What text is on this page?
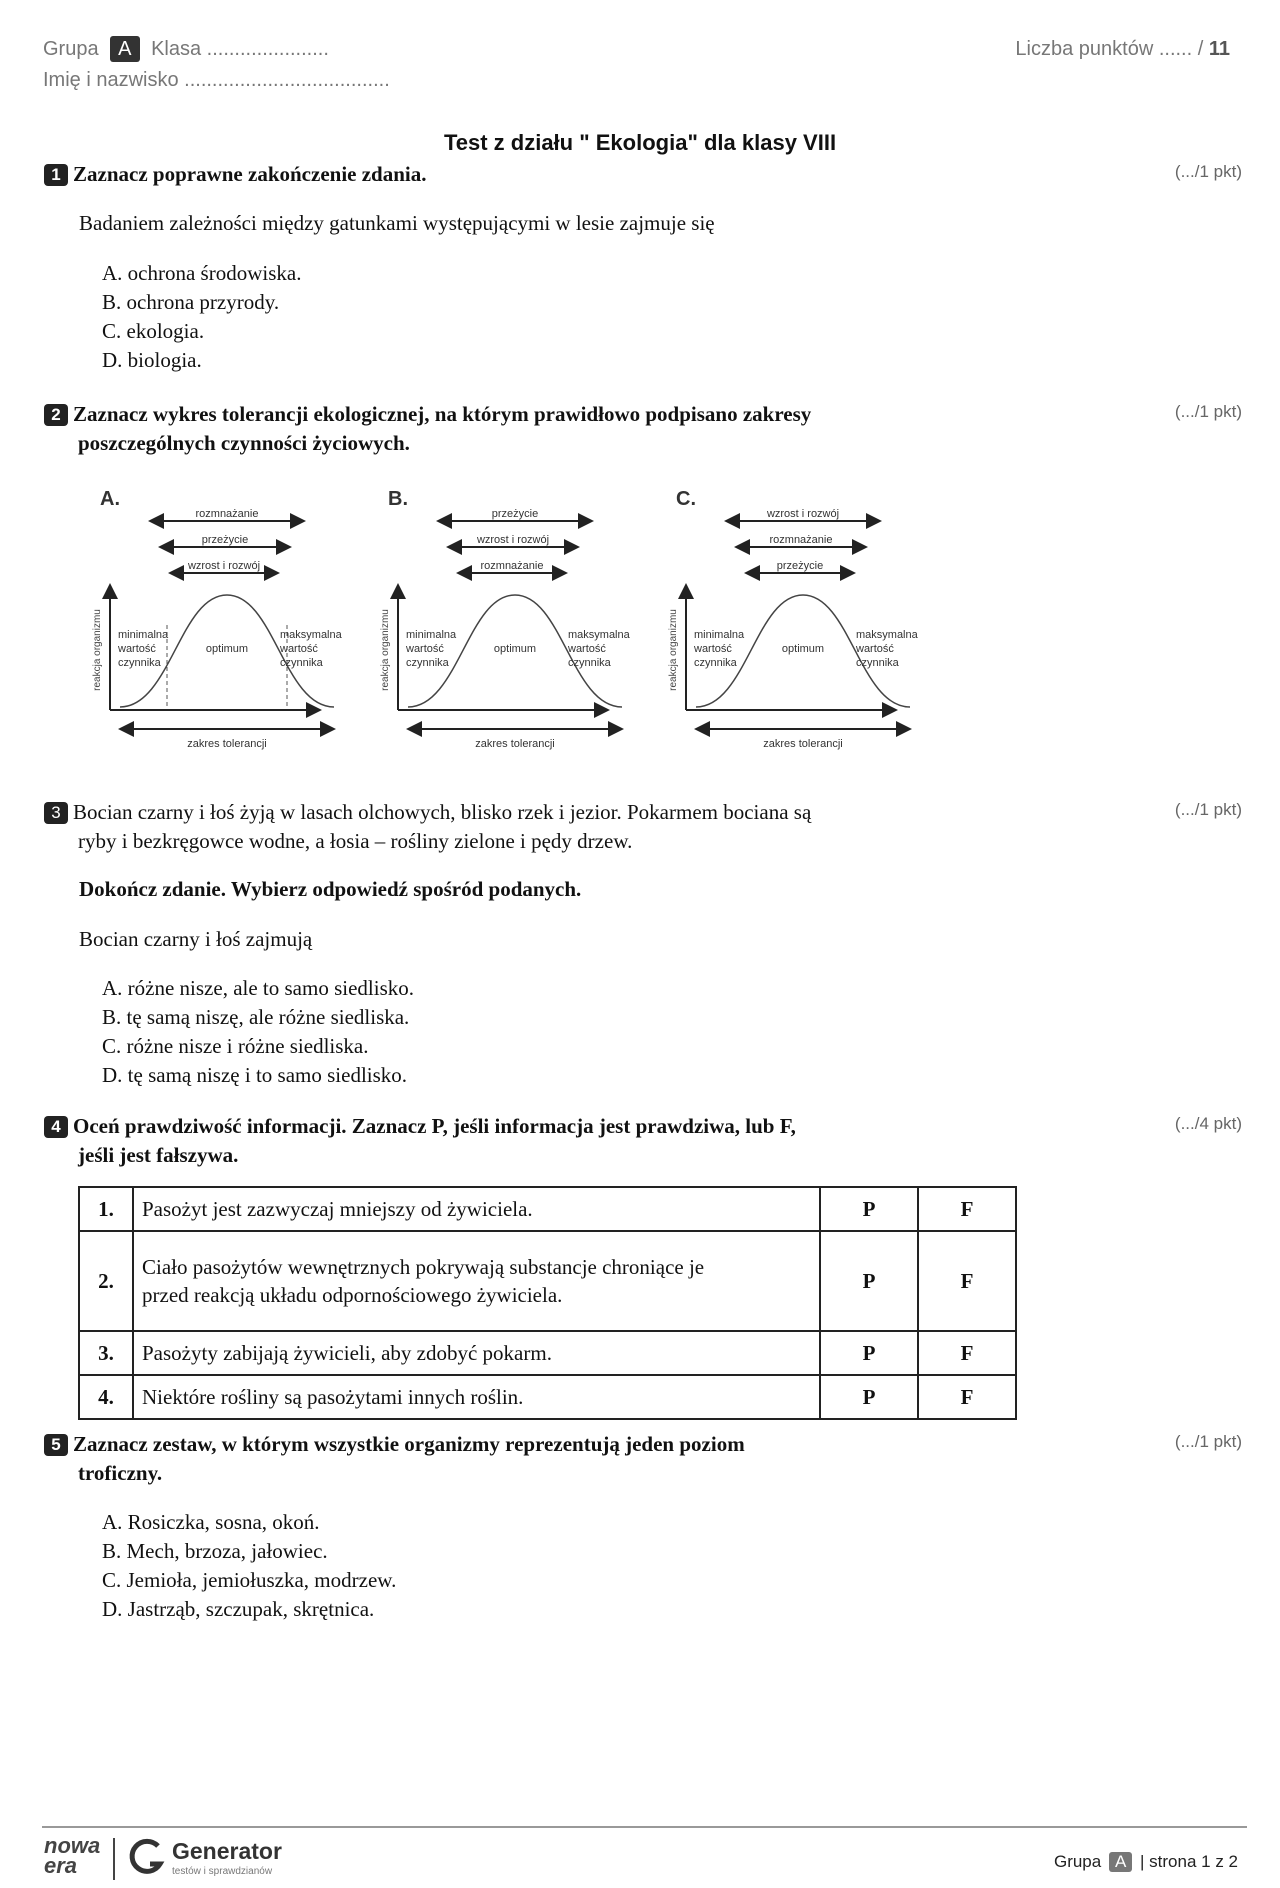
Grupa A Klasa ......................
Imię i nazwisko .....................................
Liczba punktów ...... / 11
Test z działu " Ekologia" dla klasy VIII
1 Zaznacz poprawne zakończenie zdania.	(.../1 pkt)
Badaniem zależności między gatunkami występującymi w lesie zajmuje się
A. ochrona środowiska.
B. ochrona przyrody.
C. ekologia.
D. biologia.
2 Zaznacz wykres tolerancji ekologicznej, na którym prawidłowo podpisano zakresy
poszczególnych czynności życiowych.
(.../1 pkt)
A.
rozmnażanie
przeżycie
wzrost i rozwój
reakcja organizmu minimalna
wartość
czynnika
optimum
maksymalna
wartość
czynnika
zakres tolerancji
B.
przeżycie
wzrost i rozwój
rozmnażanie
reakcja organizmu minimalna
wartość
czynnika
optimum
maksymalna
wartość
czynnika
zakres tolerancji
C.
wzrost i rozwój
rozmnażanie
przeżycie
reakcja organizmu minimalna
wartość
czynnika
optimum
maksymalna
wartość
czynnika
zakres tolerancji
3 Bocian czarny i łoś żyją w lasach olchowych, blisko rzek i jezior. Pokarmem bociana są
ryby i bezkręgowce wodne, a łosia – rośliny zielone i pędy drzew.
(.../1 pkt)
Dokończ zdanie. Wybierz odpowiedź spośród podanych.
Bocian czarny i łoś zajmują
A. różne nisze, ale to samo siedlisko.
B. tę samą niszę, ale różne siedliska.
C. różne nisze i różne siedliska.
D. tę samą niszę i to samo siedlisko.
4 Oceń prawdziwość informacji. Zaznacz P, jeśli informacja jest prawdziwa, lub F,
jeśli jest fałszywa.
(.../4 pkt)
1.	Pasożyt jest zazwyczaj mniejszy od żywiciela.	P	F
2.	Ciało pasożytów wewnętrznych pokrywają substancje chroniące je przed reakcją układu odpornościowego żywiciela.	P	F
3.	Pasożyty zabijają żywicieli, aby zdobyć pokarm.	P	F
4.	Niektóre rośliny są pasożytami innych roślin.	P	F
5 Zaznacz zestaw, w którym wszystkie organizmy reprezentują jeden poziom
troficzny.
(.../1 pkt)
A. Rosiczka, sosna, okoń.
B. Mech, brzoza, jałowiec.
C. Jemioła, jemiołuszka, modrzew.
D. Jastrząb, szczupak, skrętnica.
nowa era
Generator
testów i sprawdzianów
Grupa A | strona 1 z 2
